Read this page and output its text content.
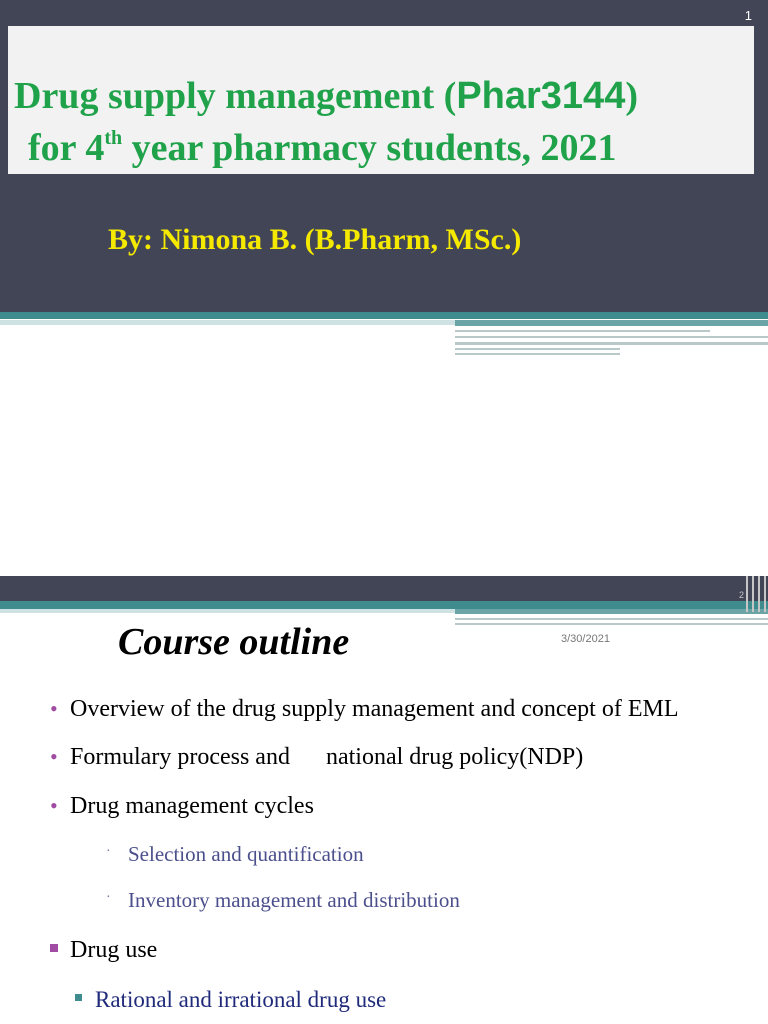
1
Drug supply management (Phar3144)
for 4th year pharmacy students, 2021
By: Nimona B. (B.Pharm, MSc.)
2
Course outline	3/30/2021
• Overview of the drug supply management and concept of EML
• Formulary process and      national drug policy(NDP)
• Drug management cycles
· Selection and quantification
· Inventory management and distribution
Drug use
Rational and irrational drug use
